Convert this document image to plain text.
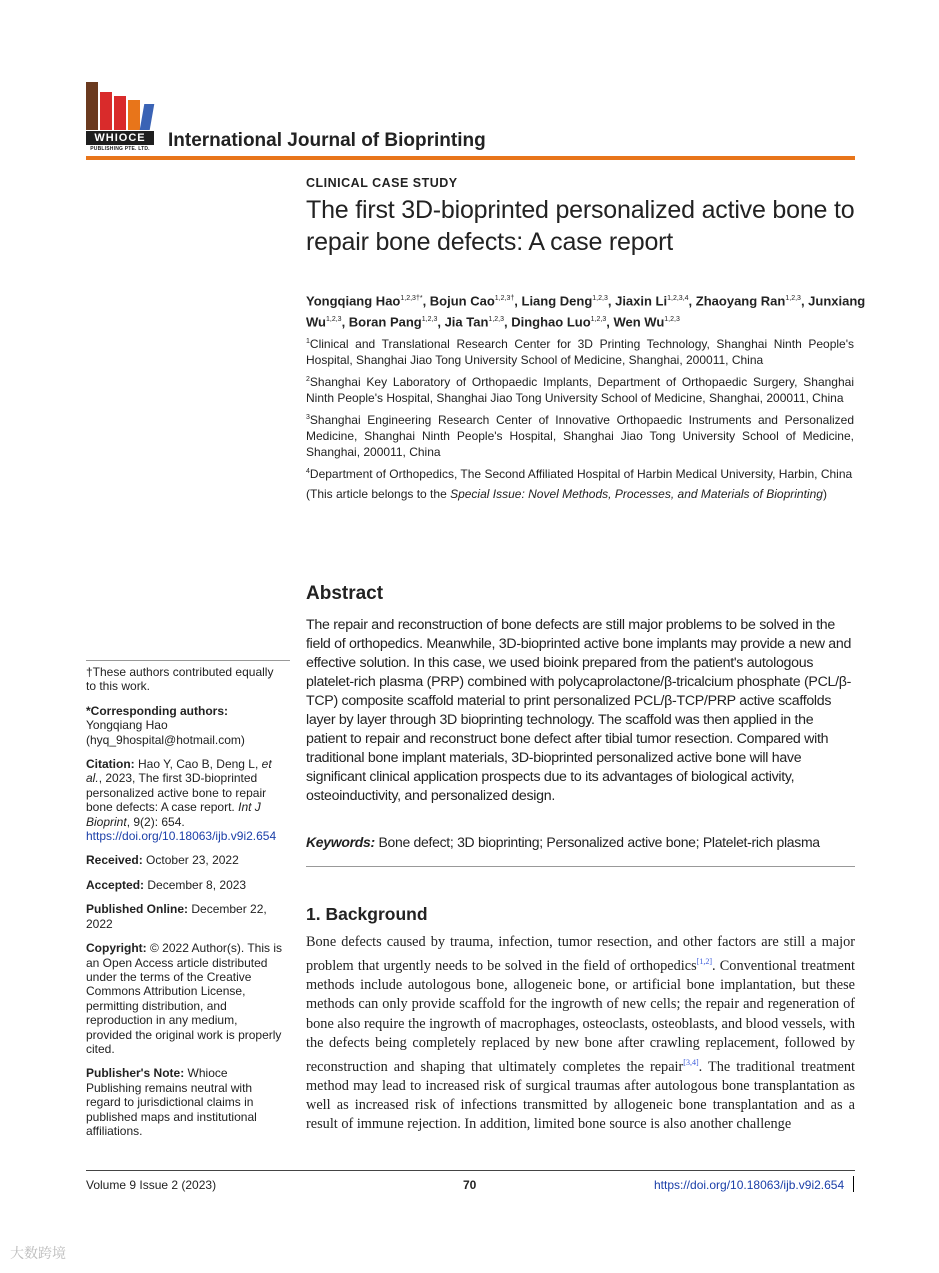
WHIOCE
PUBLISHING PTE. LTD. International Journal of Bioprinting
CLINICAL CASE STUDY
The first 3D-bioprinted personalized active bone to repair bone defects: A case report
Yongqiang Hao$^{1,2,3\dagger*}$, Bojun Cao$^{1,2,3\dagger}$, Liang Deng$^{1,2,3}$, Jiaxin Li$^{1,2,3,4}$, Zhaoyang Ran$^{1,2,3}$, Junxiang Wu$^{1,2,3}$, Boran Pang$^{1,2,3}$, Jia Tan$^{1,2,3}$, Dinghao Luo$^{1,2,3}$, Wen Wu$^{1,2,3}$

$^1$Clinical and Translational Research Center for 3D Printing Technology, Shanghai Ninth People's Hospital, Shanghai Jiao Tong University School of Medicine, Shanghai, 200011, China

$^2$Shanghai Key Laboratory of Orthopaedic Implants, Department of Orthopaedic Surgery, Shanghai Ninth People's Hospital, Shanghai Jiao Tong University School of Medicine, Shanghai, 200011, China

$^3$Shanghai Engineering Research Center of Innovative Orthopaedic Instruments and Personalized Medicine, Shanghai Ninth People's Hospital, Shanghai Jiao Tong University School of Medicine, Shanghai, 200011, China

$^4$Department of Orthopedics, The Second Affiliated Hospital of Harbin Medical University, Harbin, China

(This article belongs to the Special Issue: Novel Methods, Processes, and Materials of Bioprinting)

Abstract
The repair and reconstruction of bone defects are still major problems to be solved in the field of orthopedics. Meanwhile, 3D-bioprinted active bone implants may provide a new and effective solution. In this case, we used bioink prepared from the patient's autologous platelet-rich plasma (PRP) combined with polycaprolactone/β-tricalcium phosphate (PCL/β-TCP) composite scaffold material to print personalized PCL/β-TCP/PRP active scaffolds layer by layer through 3D bioprinting technology. The scaffold was then applied in the patient to repair and reconstruct bone defect after tibial tumor resection. Compared with traditional bone implant materials, 3D-bioprinted personalized active bone will have significant clinical application prospects due to its advantages of biological activity, osteoinductivity, and personalized design.
Keywords: Bone defect; 3D bioprinting; Personalized active bone; Platelet-rich plasma
1. Background
Bone defects caused by trauma, infection, tumor resection, and other factors are still a major problem that urgently needs to be solved in the field of orthopedics[1,2]. Conventional treatment methods include autologous bone, allogeneic bone, or artificial bone implantation, but these methods can only provide scaffold for the ingrowth of new cells; the repair and regeneration of bone also require the ingrowth of macrophages, osteoclasts, osteoblasts, and blood vessels, with the defects being completely replaced by new bone after crawling replacement, followed by reconstruction and shaping that ultimately completes the repair[3,4]. The traditional treatment method may lead to increased risk of surgical traumas after autologous bone transplantation as well as increased risk of infections transmitted by allogeneic bone transplantation and as a result of immune rejection. In addition, limited bone source is also another challenge

†These authors contributed equally to this work.

*Corresponding authors:
Yongqiang Hao
(hyq_9hospital@hotmail.com)

Citation: Hao Y, Cao B, Deng L, et al., 2023, The first 3D-bioprinted personalized active bone to repair bone defects: A case report. Int J Bioprint, 9(2): 654.
https://doi.org/10.18063/ijb.v9i2.654

Received: October 23, 2022

Accepted: December 8, 2023

Published Online: December 22, 2022

Copyright: © 2022 Author(s). This is an Open Access article distributed under the terms of the Creative Commons Attribution License, permitting distribution, and reproduction in any medium, provided the original work is properly cited.

Publisher's Note: Whioce Publishing remains neutral with regard to jurisdictional claims in published maps and institutional affiliations.

Volume 9 Issue 2 (2023)	70	https://doi.org/10.18063/ijb.v9i2.654
大数跨境
